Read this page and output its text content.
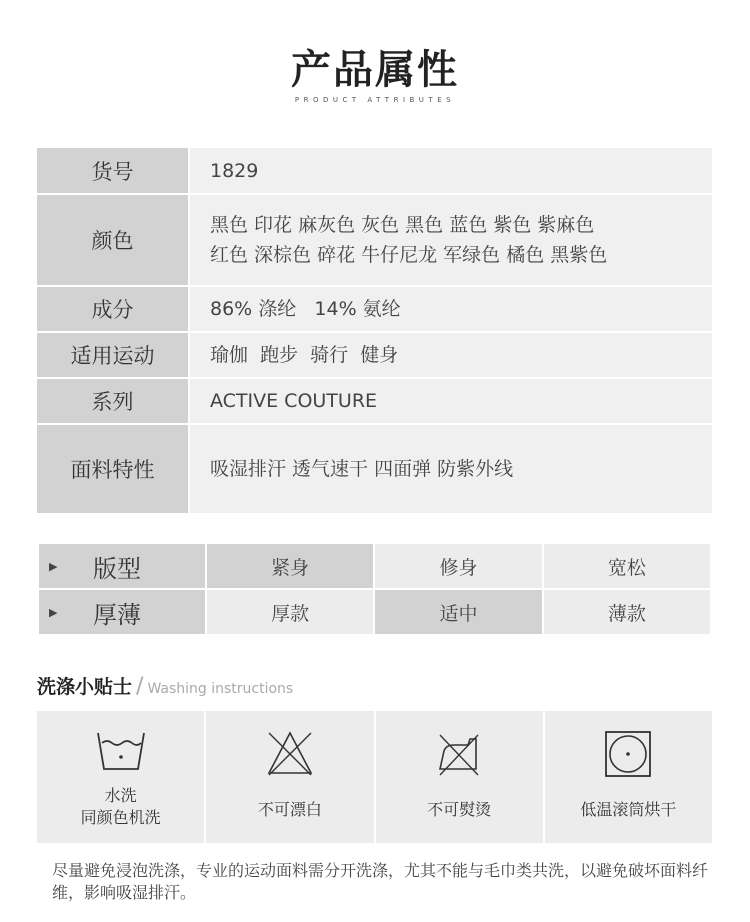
产品属性
PRODUCT ATTRIBUTES
货号	1829

颜色	黑色 印花 麻灰色 灰色 黑色 蓝色 紫色 紫麻色
红色 深棕色 碎花 牛仔尼龙 军绿色 橘色 黑紫色

成分	86% 涤纶   14% 氨纶

适用运动	瑜伽  跑步  骑行  健身

系列	ACTIVE COUTURE

面料特性	吸湿排汗 透气速干 四面弹 防紫外线
▶ 版型	紧身	修身	宽松
▶ 厚薄	厚款	适中	薄款
洗涤小贴士 / Washing instructions
水洗
同颜色机洗	不可漂白	不可熨烫	低温滚筒烘干
尽量避免浸泡洗涤，专业的运动面料需分开洗涤，尤其不能与毛巾类共洗，以避免破坏面料纤维，影响吸湿排汗。
